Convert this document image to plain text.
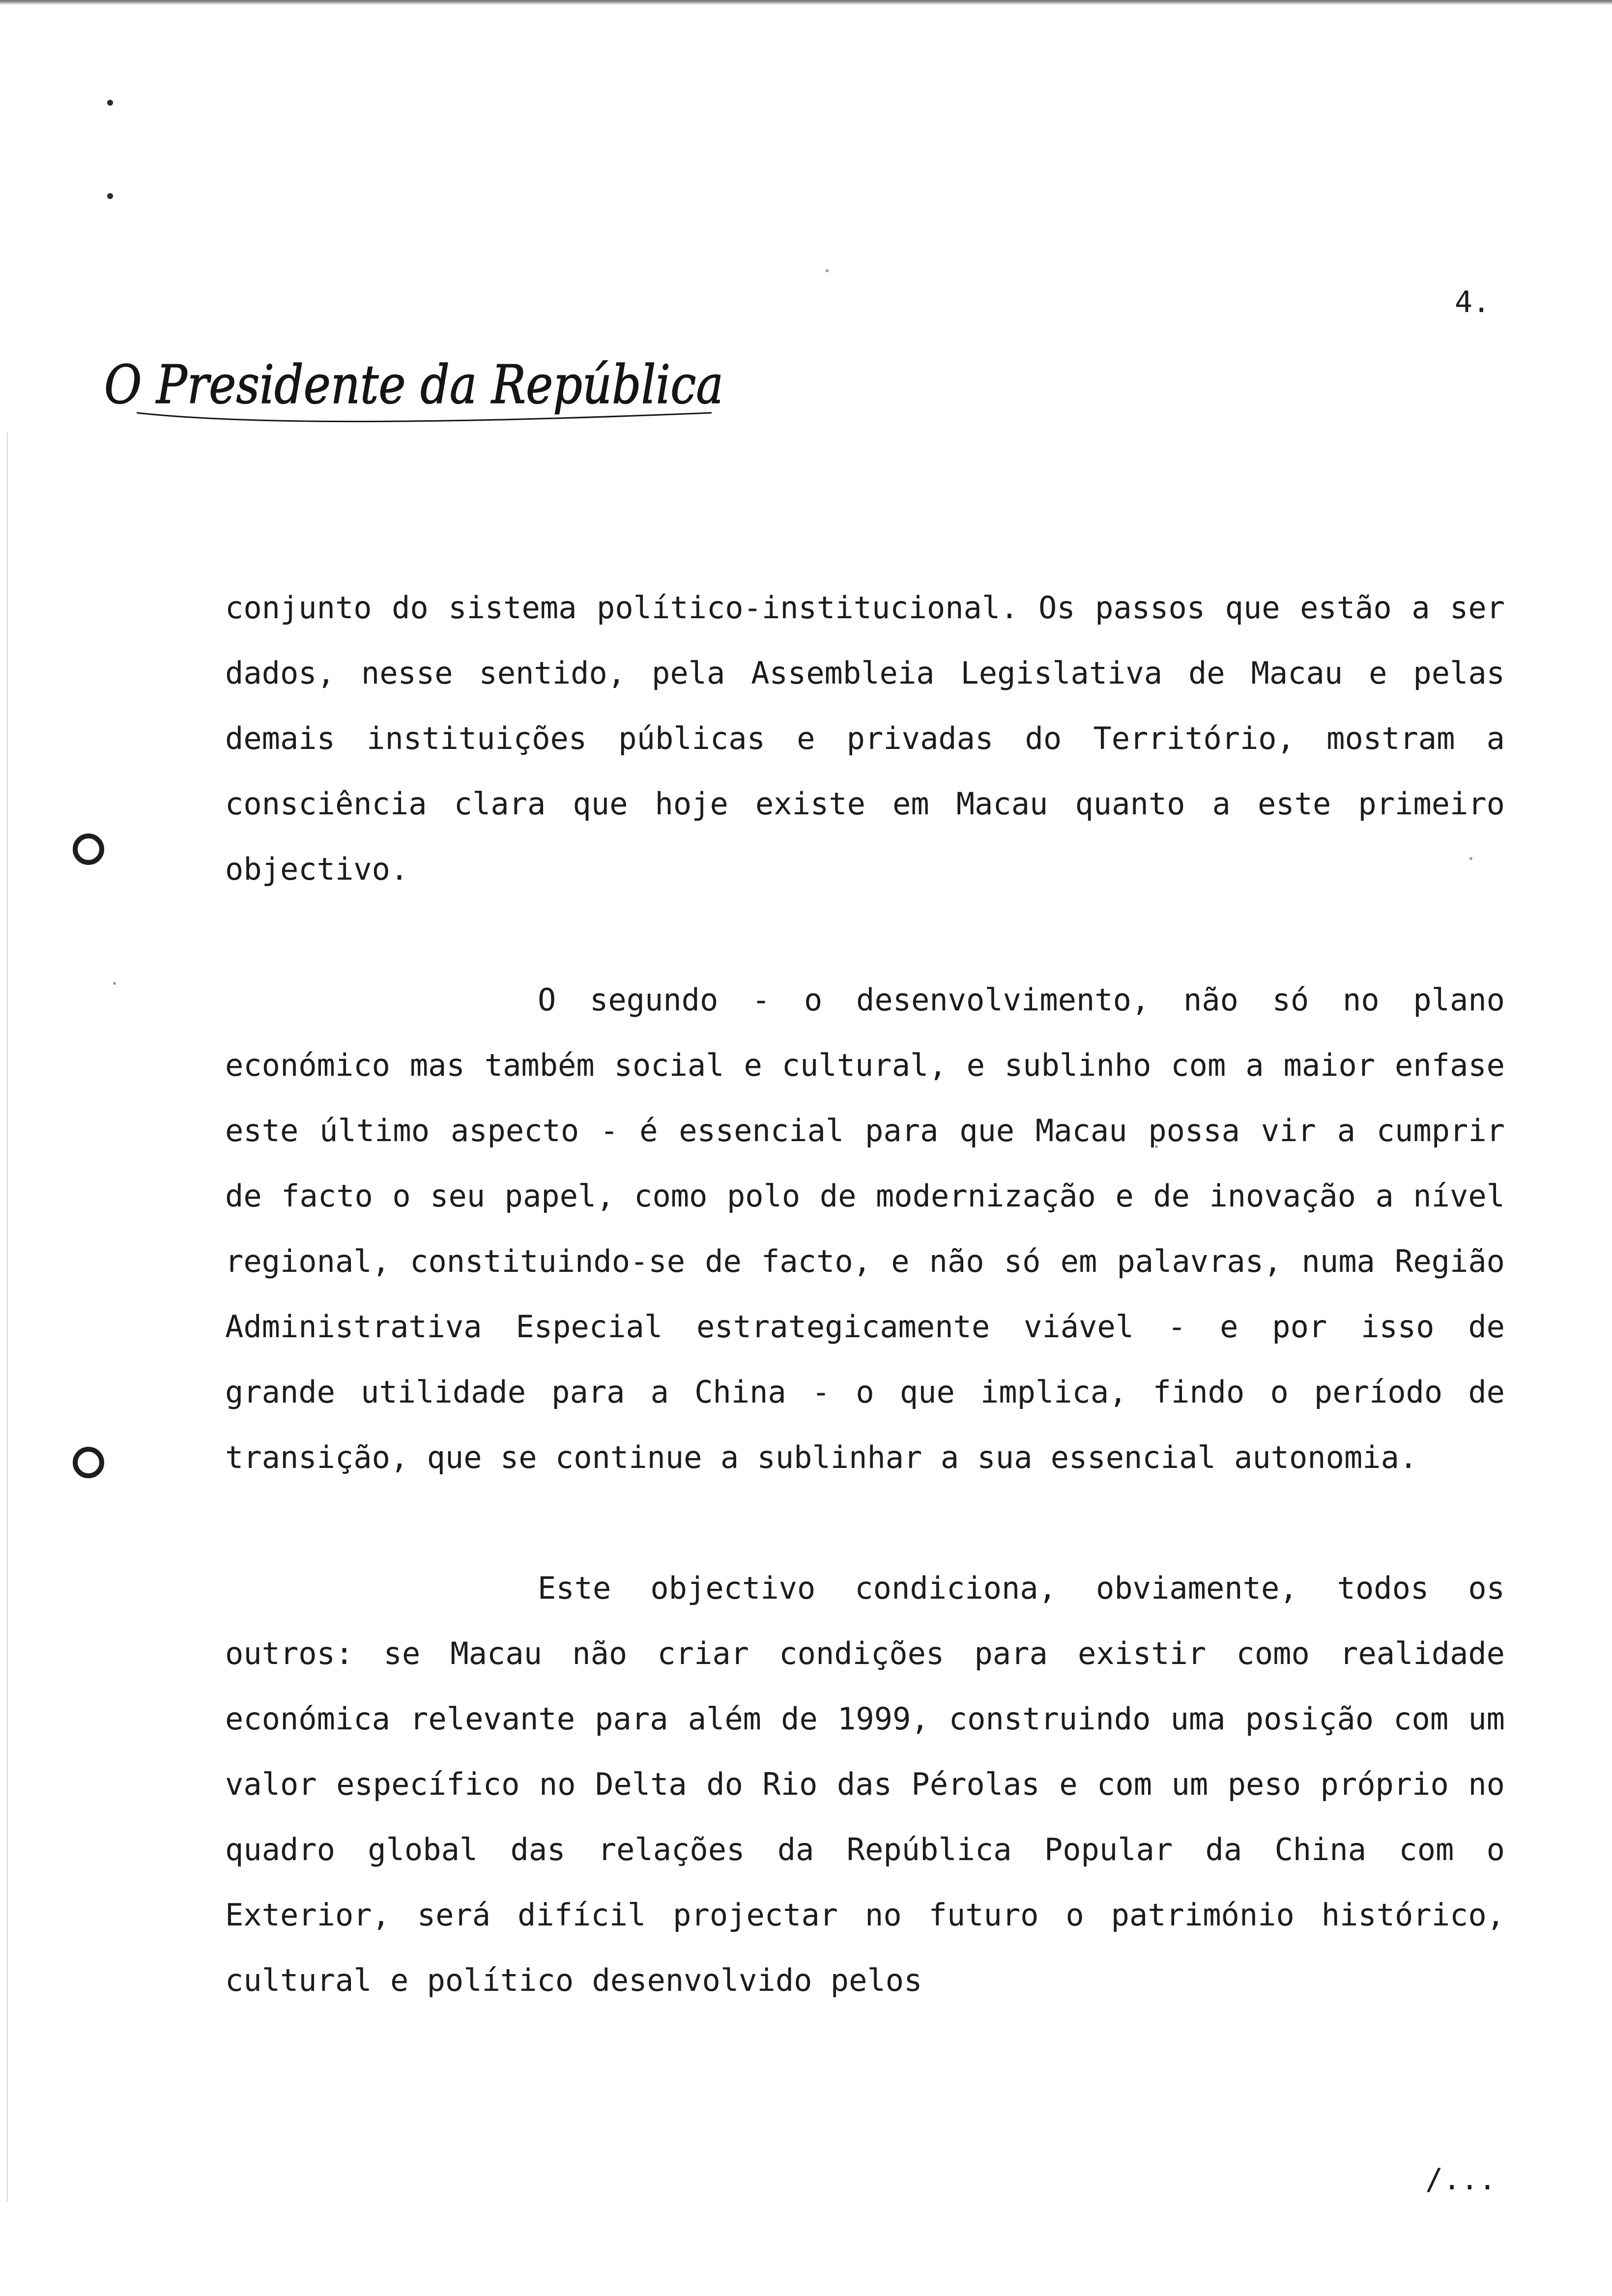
4.
O Presidente da República

conjunto do sistema político-institucional. Os passos que estão a ser dados, nesse sentido, pela Assembleia Legislativa de Macau e pelas demais instituições públicas e privadas do Território, mostram a consciência clara que hoje existe em Macau quanto a este primeiro objectivo.

O segundo - o desenvolvimento, não só no plano económico mas também social e cultural, e sublinho com a maior enfase este último aspecto - é essencial para que Macau possa vir a cumprir de facto o seu papel, como polo de modernização e de inovação a nível regional, constituindo-se de facto, e não só em palavras, numa Região Administrativa Especial estrategicamente viável - e por isso de grande utilidade para a China - o que implica, findo o período de transição, que se continue a sublinhar a sua essencial autonomia.

Este objectivo condiciona, obviamente, todos os outros: se Macau não criar condições para existir como realidade económica relevante para além de 1999, construindo uma posição com um valor específico no Delta do Rio das Pérolas e com um peso próprio no quadro global das relações da República Popular da China com o Exterior, será difícil projectar no futuro o património histórico, cultural e político desenvolvido pelos

/...
